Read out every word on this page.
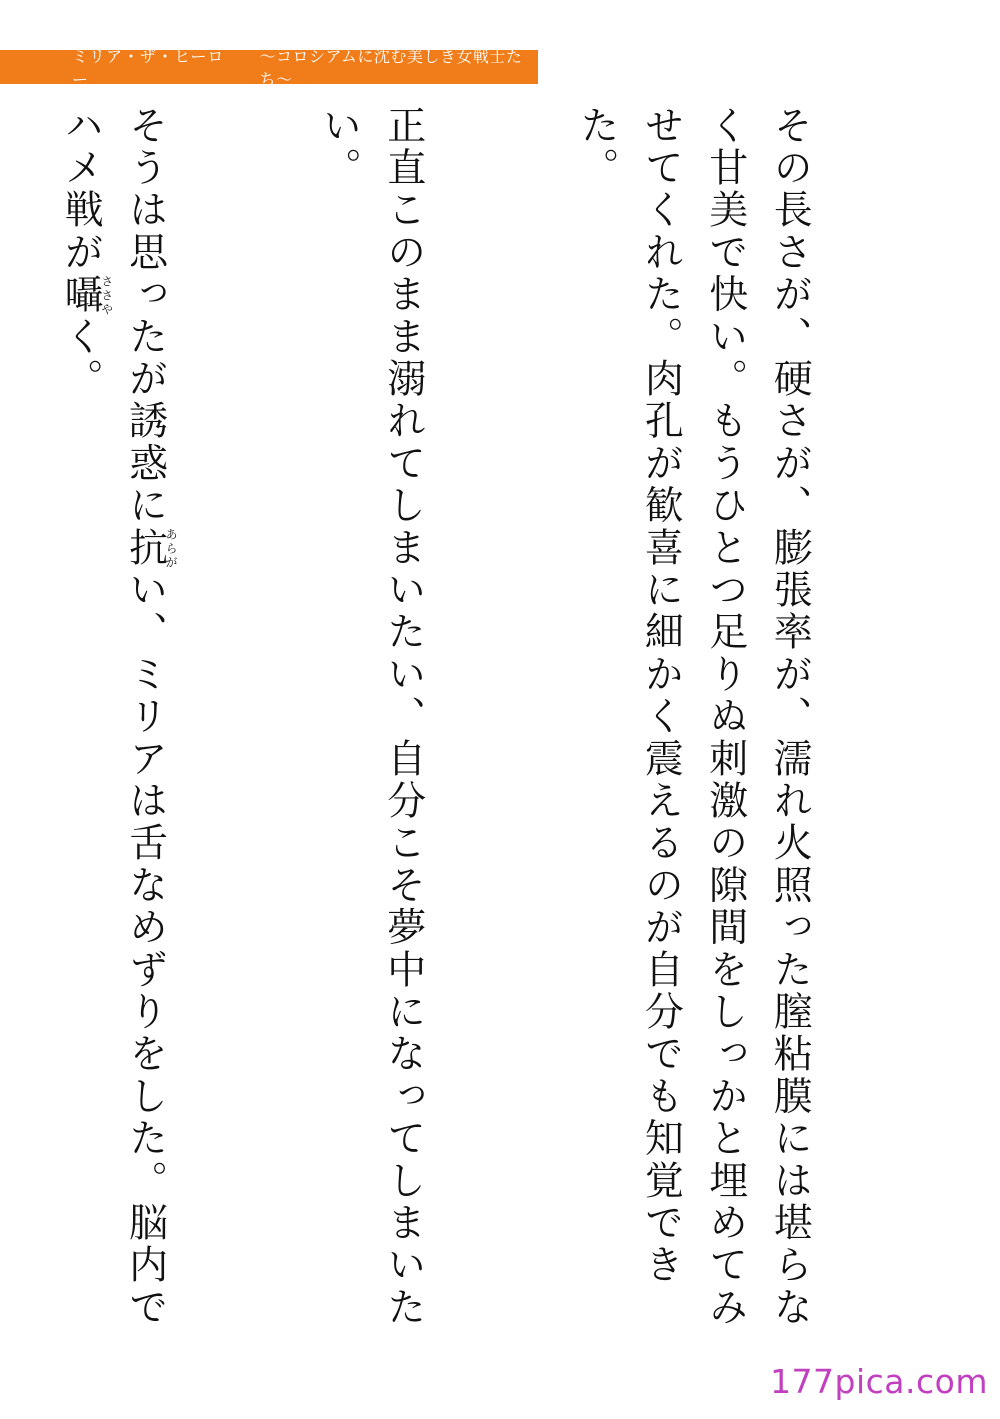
ミリア・ザ・ヒーロー
～コロシアムに沈む美しき女戦士たち～

その長さが、硬さが、膨張率が、濡れ火照った膣粘膜には堪らなく甘美で快い。もうひとつ足りぬ刺激の隙間をしっかと埋めてみせてくれた。肉孔が歓喜に細かく震えるのが自分でも知覚できた。

正直このまま溺れてしまいたい、自分こそ夢中になってしまいたい。

そうは思ったが誘惑に抗あらがい、ミリアは舌なめずりをした。脳内でハメ戦が囁ささやく。

177pica.com
